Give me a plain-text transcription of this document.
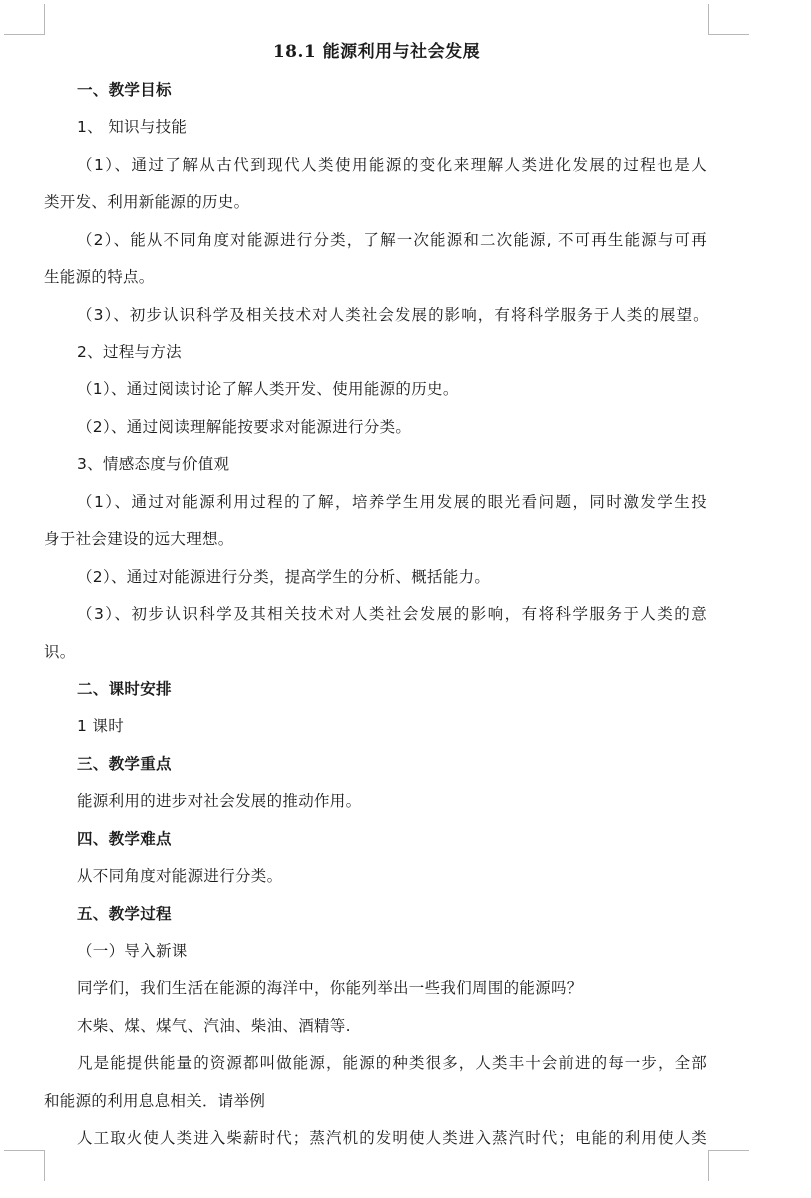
18.1 能源利用与社会发展
一、教学目标
1、 知识与技能
（1）、通过了解从古代到现代人类使用能源的变化来理解人类进化发展的过程也是人
类开发、利用新能源的历史。
（2）、能从不同角度对能源进行分类，了解一次能源和二次能源, 不可再生能源与可再
生能源的特点。
（3）、初步认识科学及相关技术对人类社会发展的影响，有将科学服务于人类的展望。
2、过程与方法
（1）、通过阅读讨论了解人类开发、使用能源的历史。
（2）、通过阅读理解能按要求对能源进行分类。
3、情感态度与价值观
（1）、通过对能源利用过程的了解，培养学生用发展的眼光看问题，同时激发学生投
身于社会建设的远大理想。
（2）、通过对能源进行分类，提高学生的分析、概括能力。
（3）、初步认识科学及其相关技术对人类社会发展的影响，有将科学服务于人类的意
识。
二、课时安排
1 课时
三、教学重点
能源利用的进步对社会发展的推动作用。
四、教学难点
从不同角度对能源进行分类。
五、教学过程
（一）导入新课
同学们，我们生活在能源的海洋中，你能列举出一些我们周围的能源吗？
木柴、煤、煤气、汽油、柴油、酒精等.
凡是能提供能量的资源都叫做能源，能源的种类很多，人类丰十会前进的每一步，全部
和能源的利用息息相关．请举例
人工取火使人类进入柴薪时代；蒸汽机的发明使人类进入蒸汽时代；电能的利用使人类
